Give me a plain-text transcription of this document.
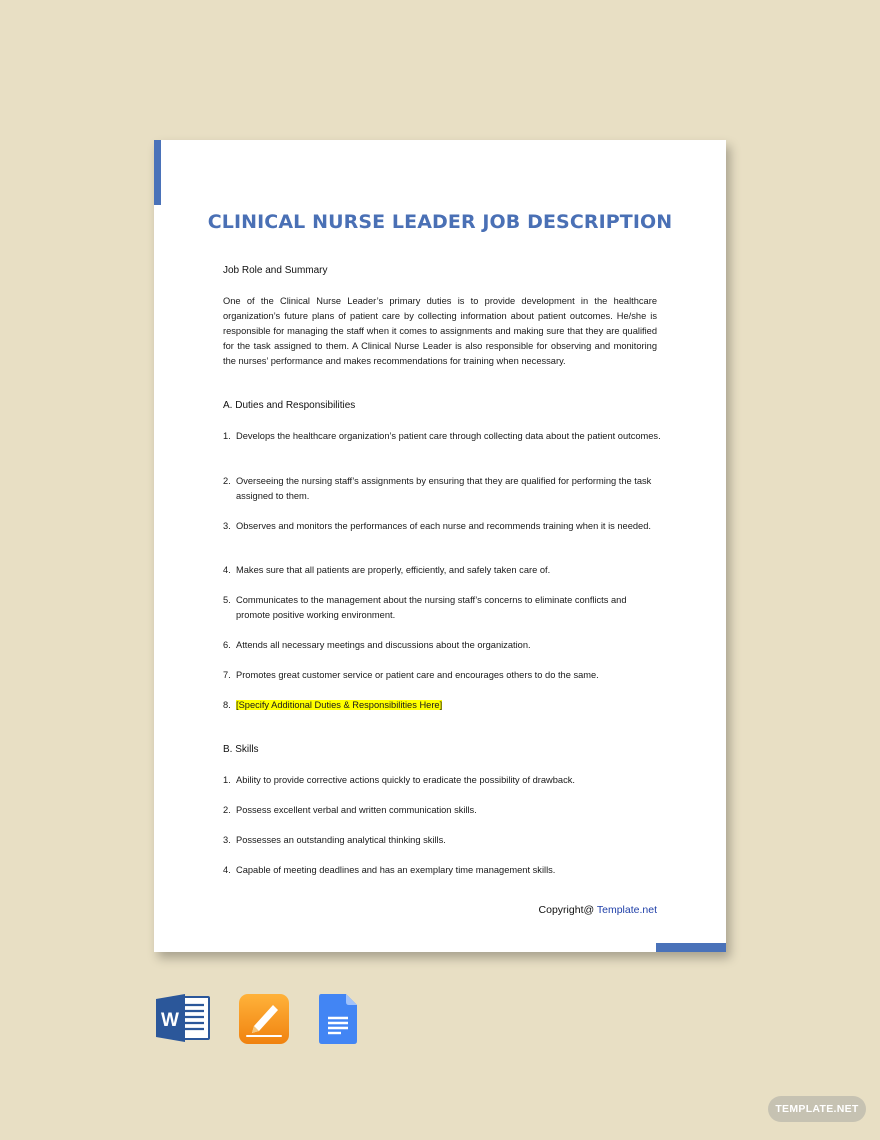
CLINICAL NURSE LEADER JOB DESCRIPTION

Job Role and Summary

One of the Clinical Nurse Leader’s primary duties is to provide development in the healthcare organization’s future plans of patient care by collecting information about patient outcomes. He/she is responsible for managing the staff when it comes to assignments and making sure that they are qualified for the task assigned to them. A Clinical Nurse Leader is also responsible for observing and monitoring the nurses’ performance and makes recommendations for training when necessary.

A. Duties and Responsibilities

1. Develops the healthcare organization’s patient care through collecting data about the patient outcomes.
2. Overseeing the nursing staff’s assignments by ensuring that they are qualified for performing the task assigned to them.
3. Observes and monitors the performances of each nurse and recommends training when it is needed.
4. Makes sure that all patients are properly, efficiently, and safely taken care of.
5. Communicates to the management about the nursing staff’s concerns to eliminate conflicts and promote positive working environment.
6. Attends all necessary meetings and discussions about the organization.
7. Promotes great customer service or patient care and encourages others to do the same.
8. [Specify Additional Duties & Responsibilities Here]

B. Skills

1. Ability to provide corrective actions quickly to eradicate the possibility of drawback.
2. Possess excellent verbal and written communication skills.
3. Possesses an outstanding analytical thinking skills.
4. Capable of meeting deadlines and has an exemplary time management skills.
Copyright@ Template.net
W
TEMPLATE.NET
